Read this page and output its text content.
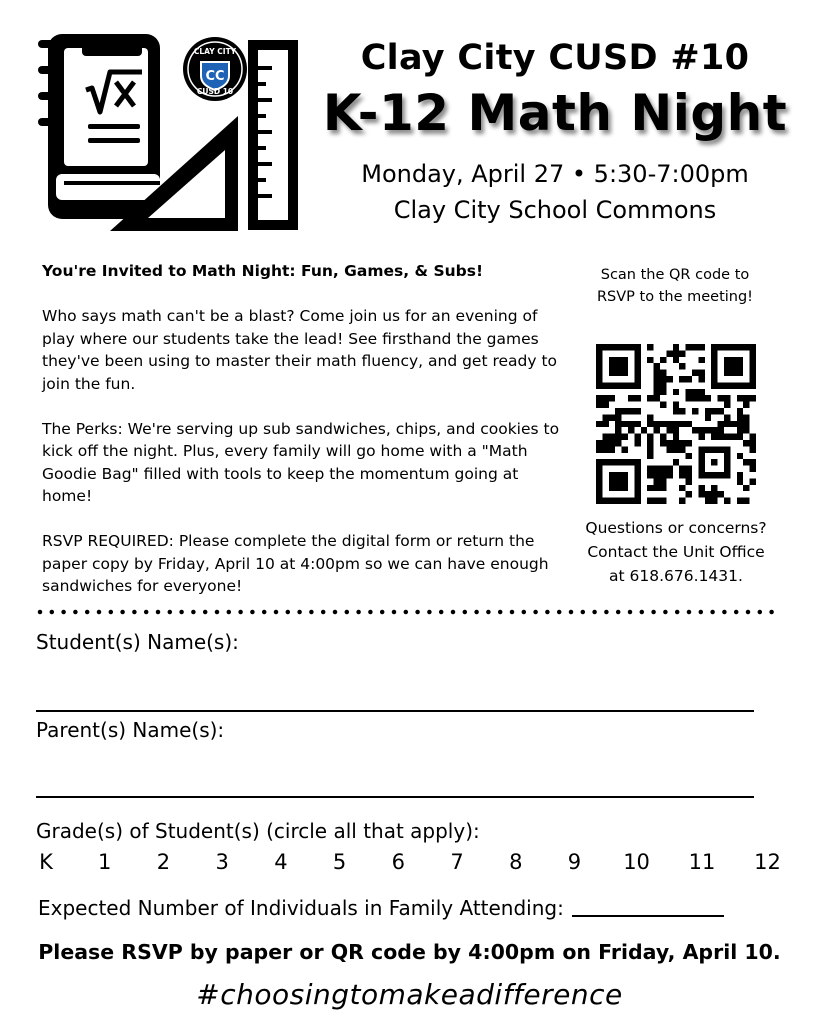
CC
CLAY CITY
CUSD 10
Clay City CUSD #10
K-12 Math Night
Monday, April 27 • 5:30-7:00pm
Clay City School Commons

You're Invited to Math Night: Fun, Games, & Subs!

Who says math can't be a blast? Come join us for an evening of play where our students take the lead! See firsthand the games they've been using to master their math fluency, and get ready to join the fun.

The Perks: We're serving up sub sandwiches, chips, and cookies to kick off the night. Plus, every family will go home with a "Math Goodie Bag" filled with tools to keep the momentum going at home!

RSVP REQUIRED: Please complete the digital form or return the paper copy by Friday, April 10 at 4:00pm so we can have enough sandwiches for everyone!

Scan the QR code to RSVP to the meeting!
Questions or concerns?
Contact the Unit Office
at 618.676.1431.
Student(s) Name(s):
Parent(s) Name(s):
Grade(s) of Student(s) (circle all that apply):
K 1 2 3 4 5 6 7 8 9 10 11 12
Expected Number of Individuals in Family Attending:
Please RSVP by paper or QR code by 4:00pm on Friday, April 10.
#choosingtomakeadifference
